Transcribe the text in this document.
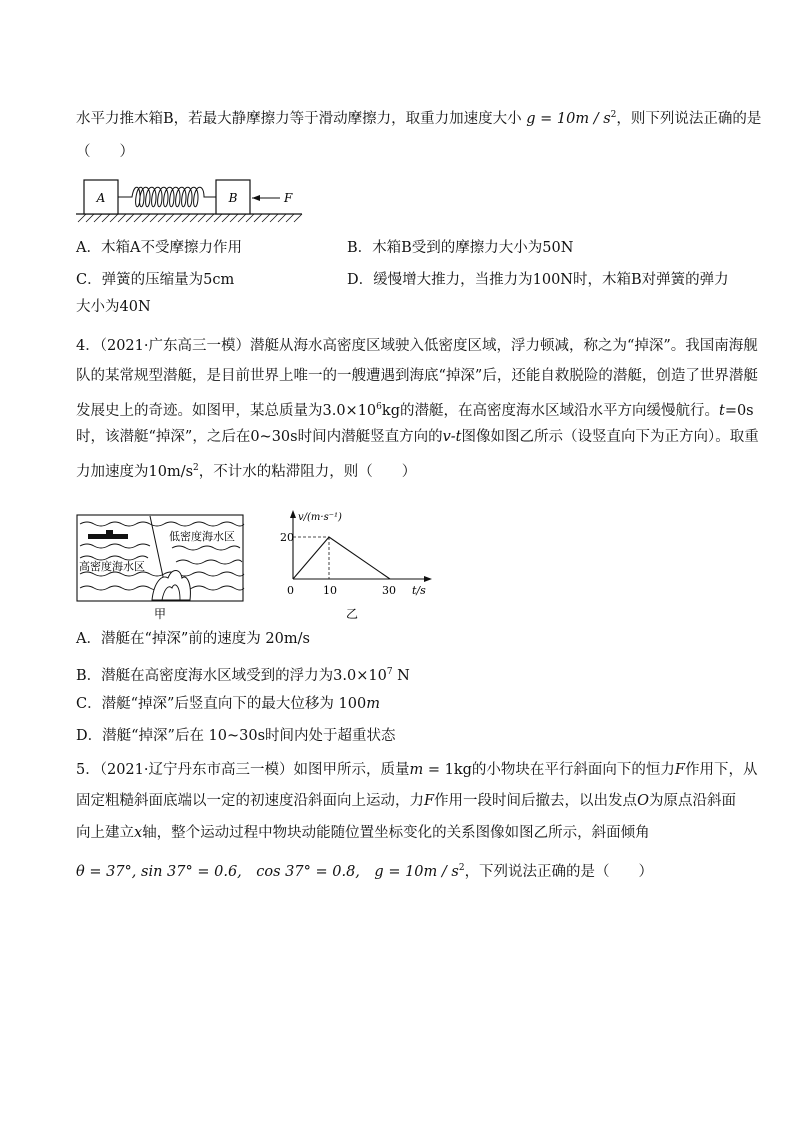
水平力推木箱B，若最大静摩擦力等于滑动摩擦力，取重力加速度大小 $g = 10m / s^2$，则下列说法正确的是
（　　）
A	B	F
A．木箱A不受摩擦力作用	B．木箱B受到的摩擦力大小为50N
C．弹簧的压缩量为5cm	D．缓慢增大推力，当推力为100N时，木箱B对弹簧的弹力
大小为40N
4．（2021·广东高三一模）潜艇从海水高密度区域驶入低密度区域，浮力顿减，称之为“掉深”。我国南海舰
队的某常规型潜艇，是目前世界上唯一的一艘遭遇到海底“掉深”后，还能自救脱险的潜艇，创造了世界潜艇
发展史上的奇迹。如图甲，某总质量为$3.0\times 10^6kg$的潜艇，在高密度海水区域沿水平方向缓慢航行。t=0s
时，该潜艇“掉深”，之后在0~30s时间内潜艇竖直方向的v-t图像如图乙所示（设竖直向下为正方向）。取重
力加速度为$10m/s^2$，不计水的粘滞阻力，则（　　）
低密度海水区
高密度海水区
甲
v/(m·s⁻¹)
20
0	10	30 t/s
乙
A．潜艇在“掉深”前的速度为 20m/s
B．潜艇在高密度海水区域受到的浮力为$3.0\times 10^7$ N
C．潜艇“掉深”后竖直向下的最大位移为 100m
D．潜艇“掉深”后在 10~30s时间内处于超重状态
5．（2021·辽宁丹东市高三一模）如图甲所示，质量m = 1kg的小物块在平行斜面向下的恒力F作用下，从
固定粗糙斜面底端以一定的初速度沿斜面向上运动，力F作用一段时间后撤去，以出发点O为原点沿斜面
向上建立x轴，整个运动过程中物块动能随位置坐标变化的关系图像如图乙所示，斜面倾角
θ = 37°, sin 37° = 0.6,　cos 37° = 0.8,　$g = 10m / s^2$，下列说法正确的是（　　）
